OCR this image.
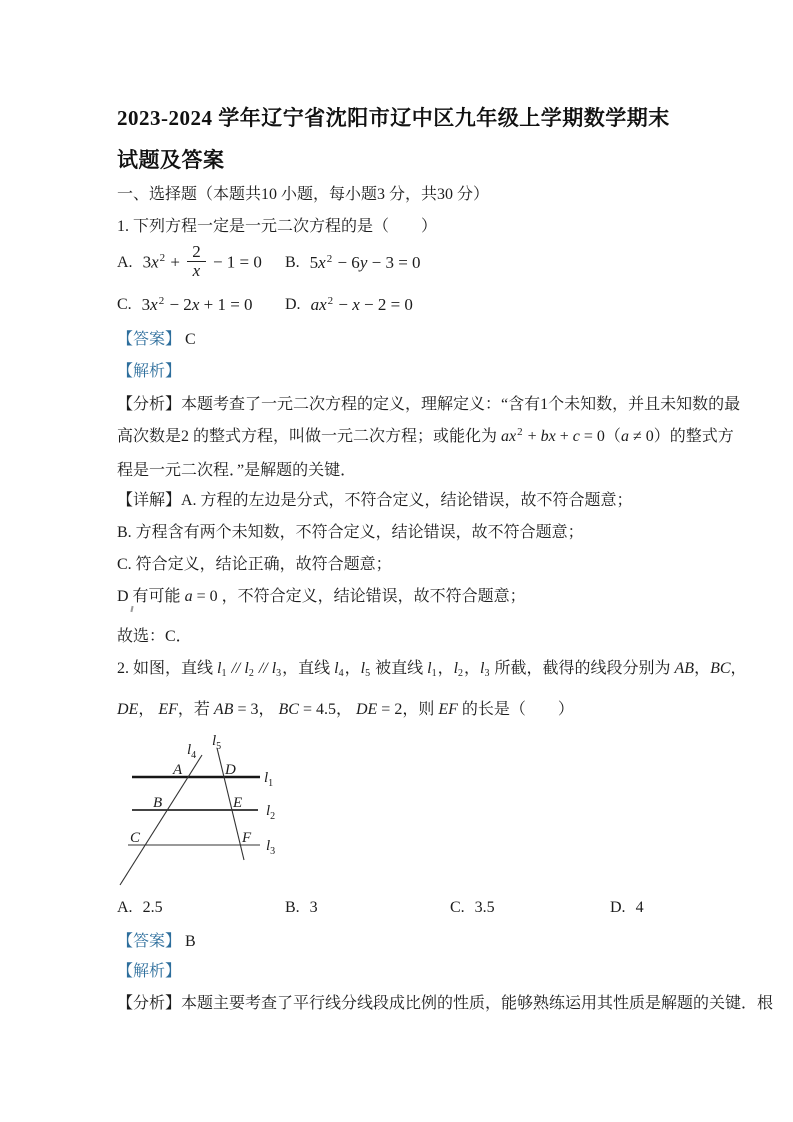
2023-2024 学年辽宁省沈阳市辽中区九年级上学期数学期末
试题及答案
一、选择题（本题共10 小题，每小题3 分，共30 分）
1. 下列方程一定是一元二次方程的是（　　）
A. $3x^2 + \frac{2}{x} - 1 = 0$ B. $5x^2 - 6y - 3 = 0$
C. $3x^2 - 2x + 1 = 0$ D. $ax^2 - x - 2 = 0$
【答案】 C
【解析】
【分析】本题考查了一元二次方程的定义，理解定义：“含有1个未知数，并且未知数的最
高次数是2 的整式方程，叫做一元二次方程；或能化为 $ax^2$ + bx + c = 0（a ≠ 0）的整式方
程是一元二次程．”是解题的关键．
【详解】A. 方程的左边是分式，不符合定义，结论错误，故不符合题意；
B. 方程含有两个未知数，不符合定义，结论错误，故不符合题意；
C. 符合定义，结论正确，故符合题意；
D 有可能 a = 0 ，不符合定义，结论错误，故不符合题意；
故选：C．
2. 如图，直线 $l_1 // l_2 // l_3$，直线 $l_4$，$l_5$ 被直线 $l_1$，$l_2$，$l_3$ 所截，截得的线段分别为 AB，BC，
DE， EF，若 AB = 3， BC = 4.5， DE = 2，则 EF 的长是（　　）
$l_4$
$l_5$
$l_1$
$l_2$
$l_3$
A	D
B	E
C	F
A. 2.5	B. 3	C. 3.5	D. 4
【答案】 B
【解析】
【分析】本题主要考查了平行线分线段成比例的性质，能够熟练运用其性质是解题的关键．根
